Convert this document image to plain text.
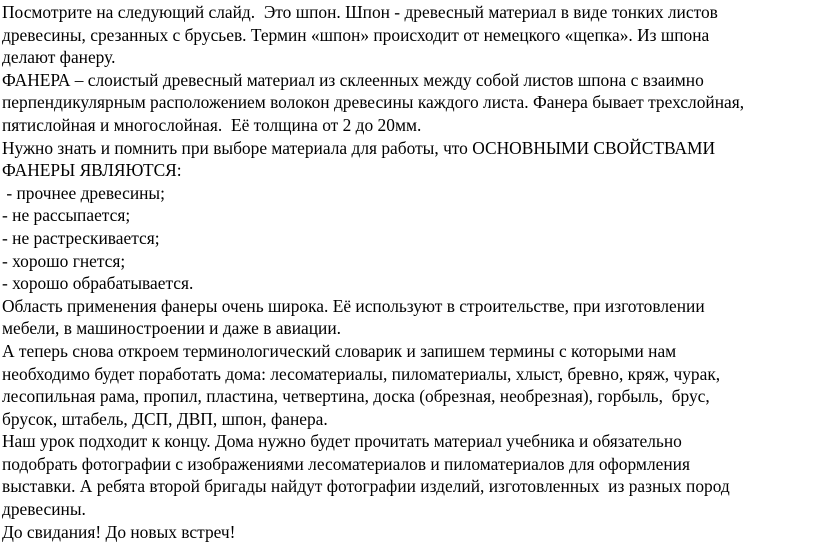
Посмотрите на следующий слайд.  Это шпон. Шпон - древесный материал в виде тонких листов
древесины, срезанных с брусьев. Термин «шпон» происходит от немецкого «щепка». Из шпона
делают фанеру.
ФАНЕРА – слоистый древесный материал из склеенных между собой листов шпона с взаимно
перпендикулярным расположением волокон древесины каждого листа. Фанера бывает трехслойная,
пятислойная и многослойная.  Её толщина от 2 до 20мм.
Нужно знать и помнить при выборе материала для работы, что ОСНОВНЫМИ СВОЙСТВАМИ
ФАНЕРЫ ЯВЛЯЮТСЯ:
- прочнее древесины;
- не рассыпается;
- не растрескивается;
- хорошо гнется;
- хорошо обрабатывается.
Область применения фанеры очень широка. Её используют в строительстве, при изготовлении
мебели, в машиностроении и даже в авиации.
А теперь снова откроем терминологический словарик и запишем термины с которыми нам
необходимо будет поработать дома: лесоматериалы, пиломатериалы, хлыст, бревно, кряж, чурак,
лесопильная рама, пропил, пластина, четвертина, доска (обрезная, необрезная), горбыль,  брус,
брусок, штабель, ДСП, ДВП, шпон, фанера.
Наш урок подходит к концу. Дома нужно будет прочитать материал учебника и обязательно
подобрать фотографии с изображениями лесоматериалов и пиломатериалов для оформления
выставки. А ребята второй бригады найдут фотографии изделий, изготовленных  из разных пород
древесины.
До свидания! До новых встреч!
